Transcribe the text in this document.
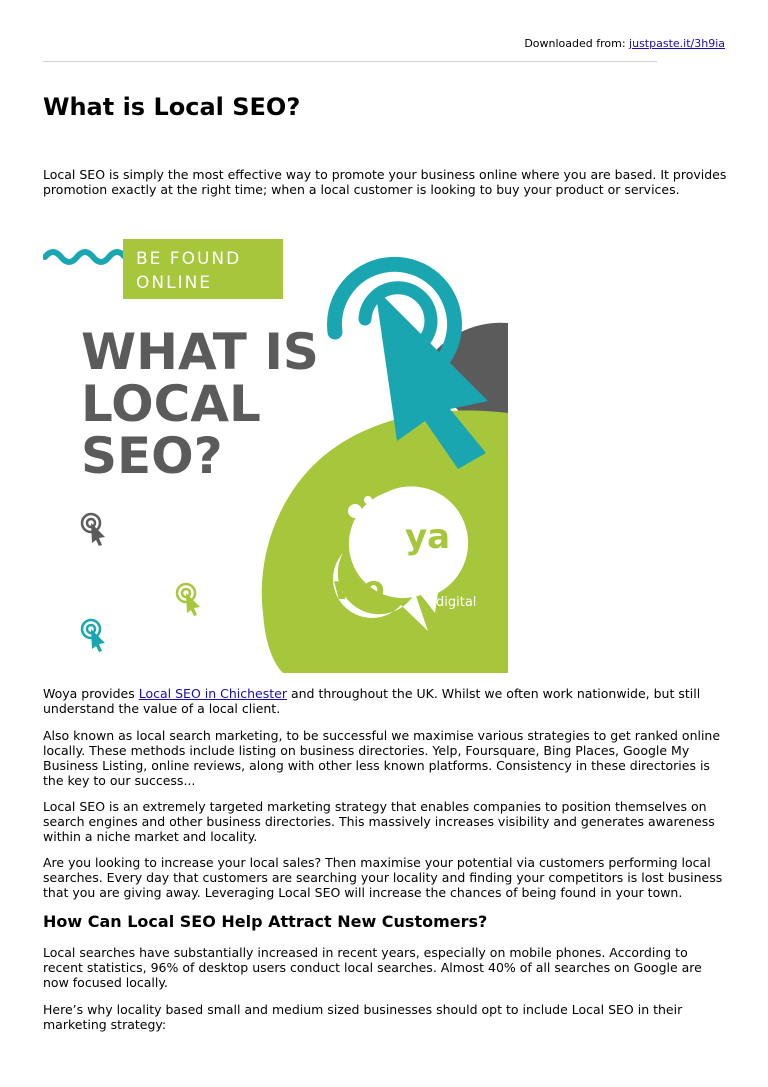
Downloaded from: justpaste.it/3h9ia
What is Local SEO?

Local SEO is simply the most effective way to promote your business online where you are based. It provides promotion exactly at the right time; when a local customer is looking to buy your product or services.

BE FOUND
ONLINE
WHAT IS
LOCAL
SEO?
ya
wo	digital

Woya provides Local SEO in Chichester and throughout the UK. Whilst we often work nationwide, but still understand the value of a local client.

Also known as local search marketing, to be successful we maximise various strategies to get ranked online locally. These methods include listing on business directories. Yelp, Foursquare, Bing Places, Google My Business Listing, online reviews, along with other less known platforms. Consistency in these directories is the key to our success...

Local SEO is an extremely targeted marketing strategy that enables companies to position themselves on search engines and other business directories. This massively increases visibility and generates awareness within a niche market and locality.

Are you looking to increase your local sales? Then maximise your potential via customers performing local searches. Every day that customers are searching your locality and finding your competitors is lost business that you are giving away. Leveraging Local SEO will increase the chances of being found in your town.

How Can Local SEO Help Attract New Customers?

Local searches have substantially increased in recent years, especially on mobile phones. According to recent statistics, 96% of desktop users conduct local searches. Almost 40% of all searches on Google are now focused locally.

Here’s why locality based small and medium sized businesses should opt to include Local SEO in their marketing strategy:
